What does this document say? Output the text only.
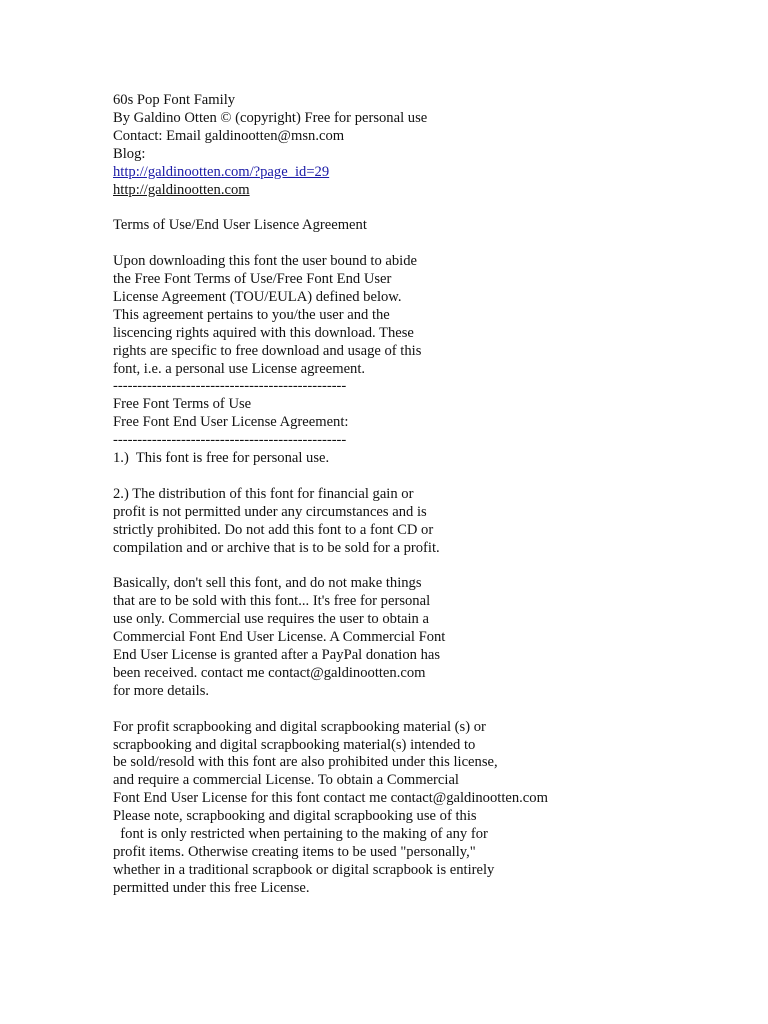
60s Pop Font Family
By Galdino Otten © (copyright) Free for personal use
Contact: Email galdinootten@msn.com
Blog:
http://galdinootten.com/?page_id=29
http://galdinootten.com
Terms of Use/End User Lisence Agreement
Upon downloading this font the user bound to abide
the Free Font Terms of Use/Free Font End User
License Agreement (TOU/EULA) defined below.
This agreement pertains to you/the user and the
liscencing rights aquired with this download. These
rights are specific to free download and usage of this
font, i.e. a personal use License agreement.
------------------------------------------------
Free Font Terms of Use
Free Font End User License Agreement:
------------------------------------------------
1.)  This font is free for personal use.
2.) The distribution of this font for financial gain or
profit is not permitted under any circumstances and is
strictly prohibited. Do not add this font to a font CD or
compilation and or archive that is to be sold for a profit.
Basically, don't sell this font, and do not make things
that are to be sold with this font... It's free for personal
use only. Commercial use requires the user to obtain a
Commercial Font End User License. A Commercial Font
End User License is granted after a PayPal donation has
been received. contact me contact@galdinootten.com
for more details.
For profit scrapbooking and digital scrapbooking material (s) or
scrapbooking and digital scrapbooking material(s) intended to
be sold/resold with this font are also prohibited under this license,
and require a commercial License. To obtain a Commercial
Font End User License for this font contact me contact@galdinootten.com
Please note, scrapbooking and digital scrapbooking use of this
font is only restricted when pertaining to the making of any for
profit items. Otherwise creating items to be used "personally,"
whether in a traditional scrapbook or digital scrapbook is entirely
permitted under this free License.
